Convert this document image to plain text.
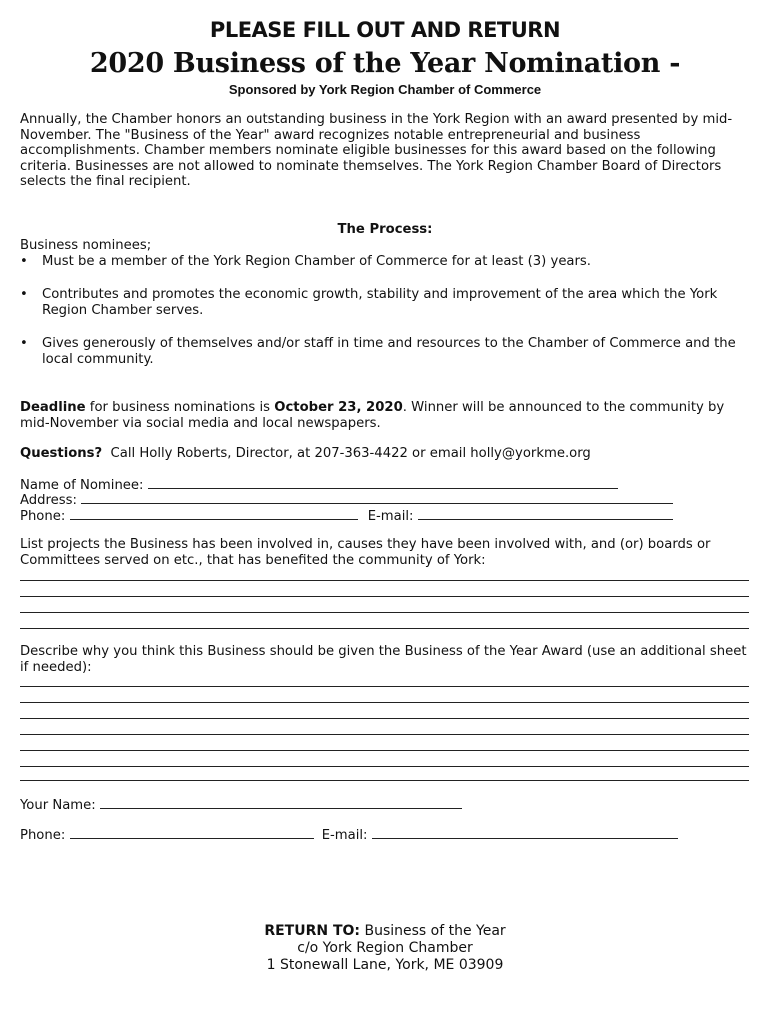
PLEASE FILL OUT AND RETURN
2020 Business of the Year Nomination -
Sponsored by York Region Chamber of Commerce

Annually, the Chamber honors an outstanding business in the York Region with an award presented by mid-November. The "Business of the Year" award recognizes notable entrepreneurial and business accomplishments. Chamber members nominate eligible businesses for this award based on the following criteria. Businesses are not allowed to nominate themselves. The York Region Chamber Board of Directors selects the final recipient.

The Process:
Business nominees;
• Must be a member of the York Region Chamber of Commerce for at least (3) years.
• Contributes and promotes the economic growth, stability and improvement of the area which the York Region Chamber serves.
• Gives generously of themselves and/or staff in time and resources to the Chamber of Commerce and the local community.

Deadline for business nominations is October 23, 2020. Winner will be announced to the community by mid-November via social media and local newspapers.

Questions?  Call Holly Roberts, Director, at 207-363-4422 or email holly@yorkme.org
Name of Nominee:
Address:
Phone:	E-mail:

List projects the Business has been involved in, causes they have been involved with, and (or) boards or Committees served on etc., that has benefited the community of York:

Describe why you think this Business should be given the Business of the Year Award (use an additional sheet if needed):

Your Name:
Phone:	E-mail:
RETURN TO: Business of the Year
c/o York Region Chamber
1 Stonewall Lane, York, ME 03909
